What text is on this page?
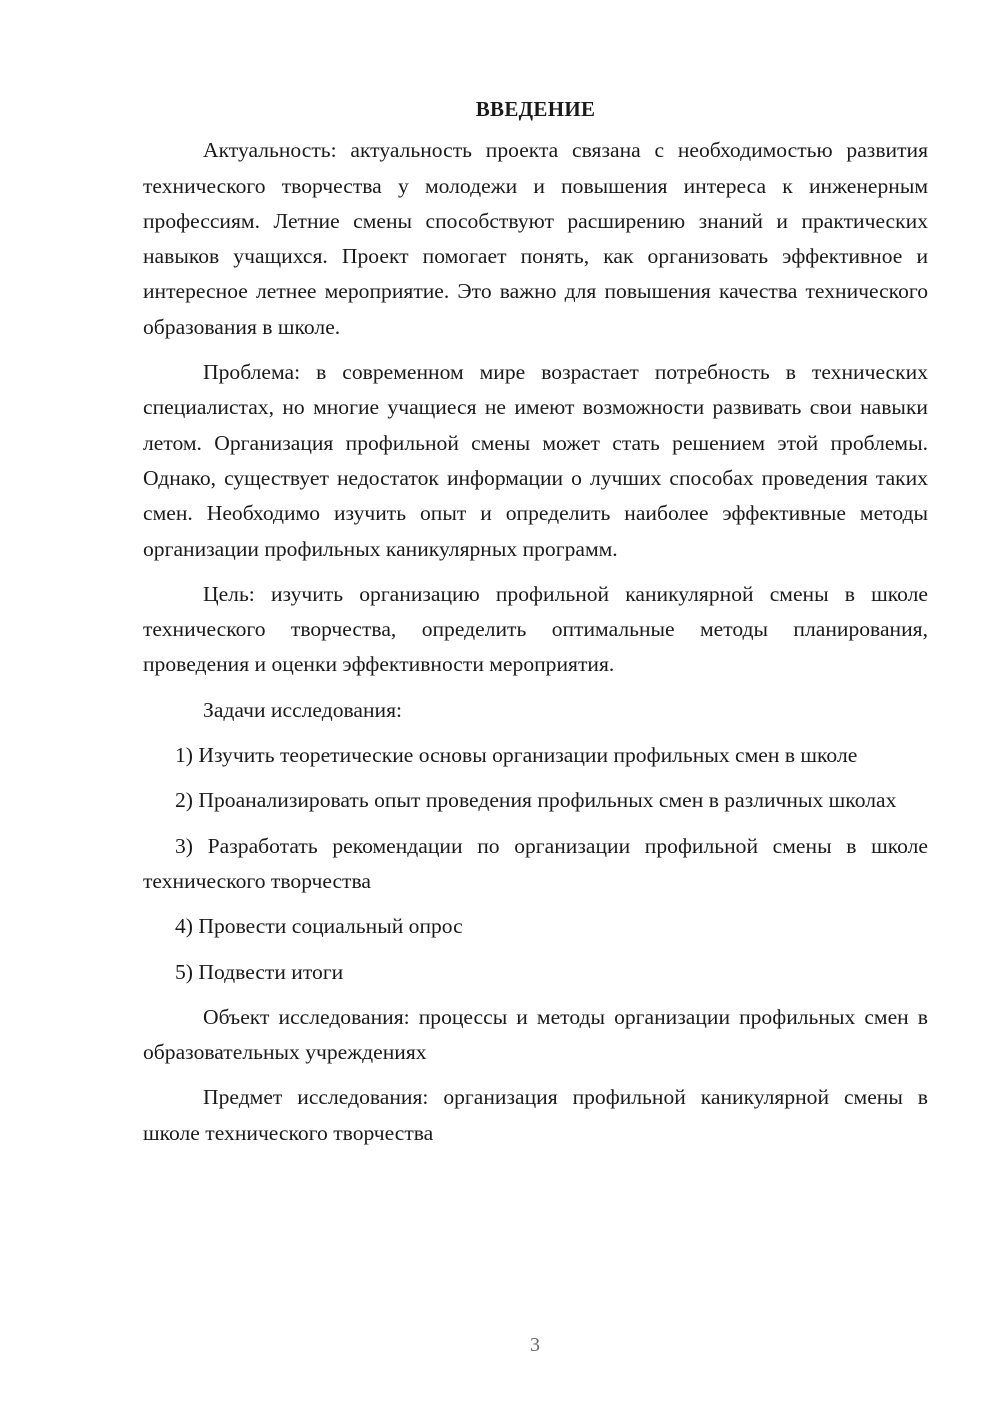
ВВЕДЕНИЕ

Актуальность: актуальность проекта связана с необходимостью развития технического творчества у молодежи и повышения интереса к инженерным профессиям. Летние смены способствуют расширению знаний и практических навыков учащихся. Проект помогает понять, как организовать эффективное и интересное летнее мероприятие. Это важно для повышения качества технического образования в школе.

Проблема: в современном мире возрастает потребность в технических специалистах, но многие учащиеся не имеют возможности развивать свои навыки летом. Организация профильной смены может стать решением этой проблемы. Однако, существует недостаток информации о лучших способах проведения таких смен. Необходимо изучить опыт и определить наиболее эффективные методы организации профильных каникулярных программ.

Цель: изучить организацию профильной каникулярной смены в школе технического творчества, определить оптимальные методы планирования, проведения и оценки эффективности мероприятия.

Задачи исследования:

1) Изучить теоретические основы организации профильных смен в школе

2) Проанализировать опыт проведения профильных смен в различных школах

3) Разработать рекомендации по организации профильной смены в школе технического творчества

4) Провести социальный опрос

5) Подвести итоги

Объект исследования: процессы и методы организации профильных смен в образовательных учреждениях

Предмет исследования: организация профильной каникулярной смены в школе технического творчества

3
